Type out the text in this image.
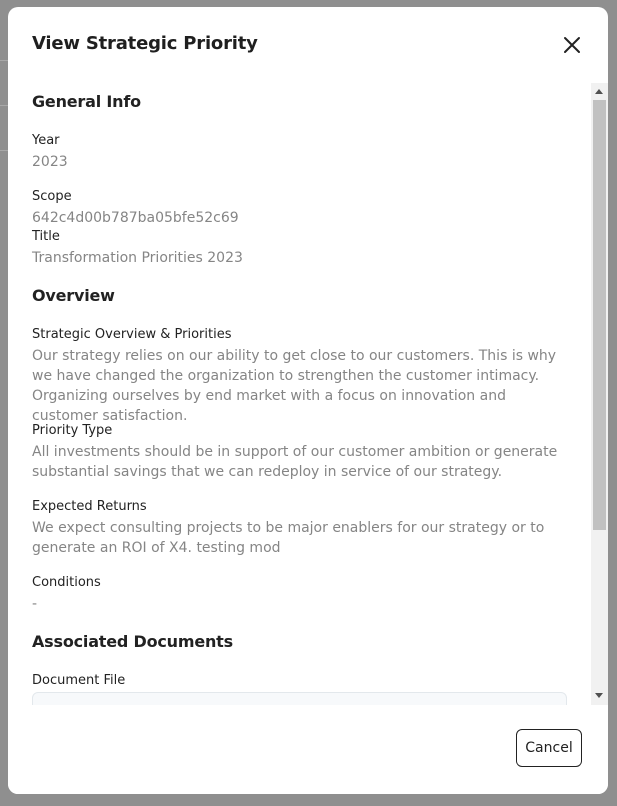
View Strategic Priority
General Info
Year
2023
Scope
642c4d00b787ba05bfe52c69
Title
Transformation Priorities 2023
Overview
Strategic Overview & Priorities
Our strategy relies on our ability to get close to our customers. This is why we have changed the organization to strengthen the customer intimacy. Organizing ourselves by end market with a focus on innovation and customer satisfaction.
Priority Type
All investments should be in support of our customer ambition or generate substantial savings that we can redeploy in service of our strategy.
Expected Returns
We expect consulting projects to be major enablers for our strategy or to generate an ROI of X4. testing mod
Conditions
-
Associated Documents
Document File
Cancel
